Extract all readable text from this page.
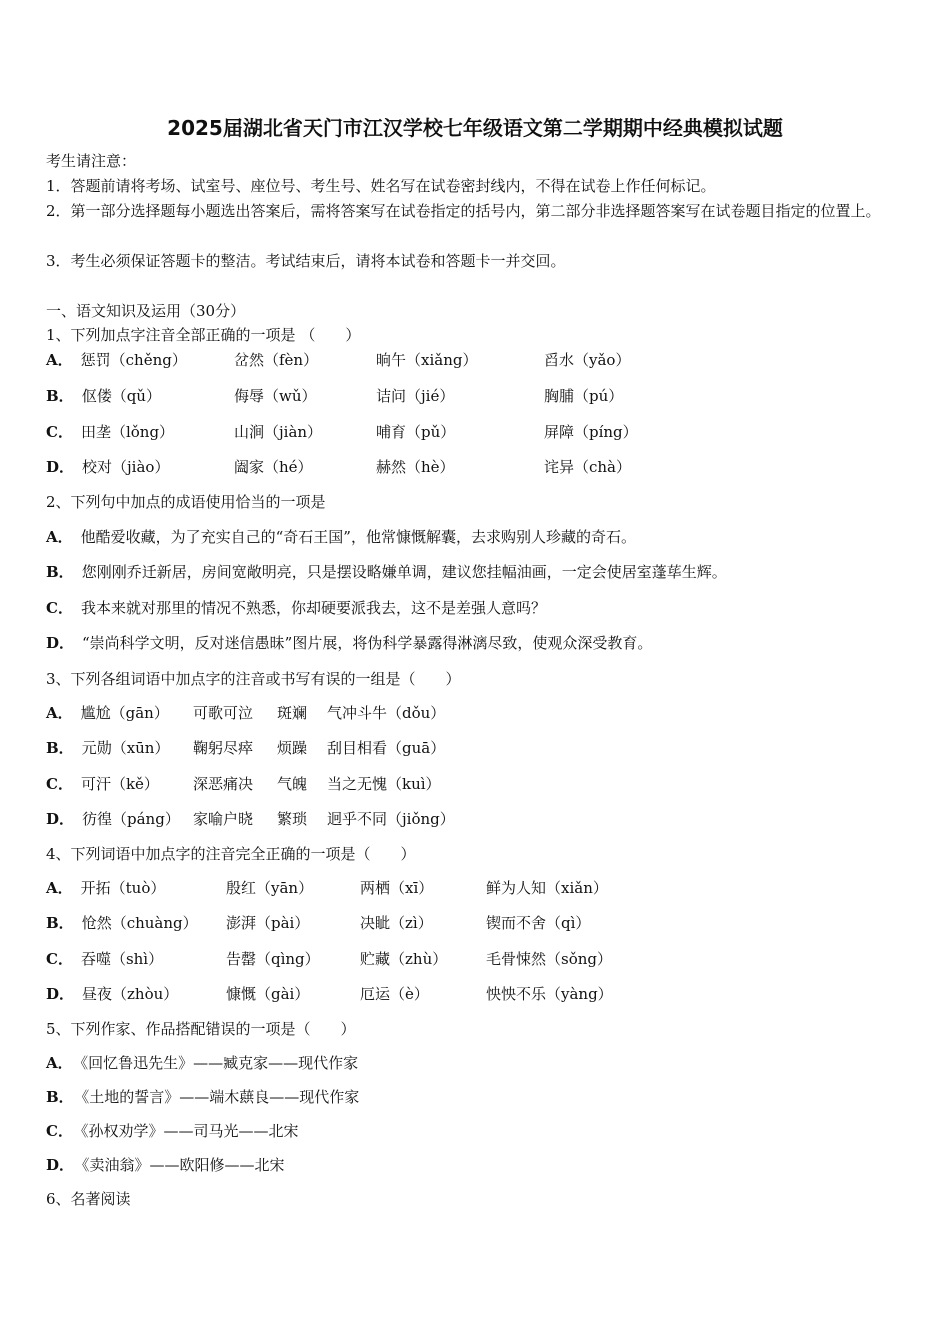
2025届湖北省天门市江汉学校七年级语文第二学期期中经典模拟试题
考生请注意：
1．答题前请将考场、试室号、座位号、考生号、姓名写在试卷密封线内，不得在试卷上作任何标记。
2．第一部分选择题每小题选出答案后，需将答案写在试卷指定的括号内，第二部分非选择题答案写在试卷题目指定的位置上。
3．考生必须保证答题卡的整洁。考试结束后，请将本试卷和答题卡一并交回。
一、语文知识及运用（30分）
1、下列加点字注音全部正确的一项是 （　　）
A． 惩罚（chěng）	岔然（fèn）	晌午（xiǎng）	舀水（yǎo）
B． 伛偻（qǔ）	侮辱（wǔ）	诘问（jié）	胸脯（pú）
C． 田垄（lǒng）	山涧（jiàn）	哺育（pǔ）	屏障（píng）
D． 校对（jiào）	阖家（hé）	赫然（hè）	诧异（chà）
2、下列句中加点的成语使用恰当的一项是
A． 他酷爱收藏，为了充实自己的“奇石王国”，他常慷慨解囊，去求购别人珍藏的奇石。
B． 您刚刚乔迁新居，房间宽敞明亮，只是摆设略嫌单调，建议您挂幅油画，一定会使居室蓬荜生辉。
C． 我本来就对那里的情况不熟悉，你却硬要派我去，这不是差强人意吗？
D． “崇尚科学文明，反对迷信愚昧”图片展，将伪科学暴露得淋漓尽致，使观众深受教育。
3、下列各组词语中加点字的注音或书写有误的一组是（　　）
A． 尴尬（gān） 可歌可泣 斑斓 气冲斗牛（dǒu）
B． 元勋（xūn） 鞠躬尽瘁 烦躁 刮目相看（guā）
C． 可汗（kě） 深恶痛决 气魄 当之无愧（kuì）
D． 彷徨（páng） 家喻户晓 繁琐 迥乎不同（jiǒng）
4、下列词语中加点字的注音完全正确的一项是（　　）
A． 开拓（tuò）	殷红（yān）	两栖（xī）	鲜为人知（xiǎn）
B． 怆然（chuàng） 澎湃（pài）	决眦（zì）	锲而不舍（qì）
C． 吞噬（shì）	告罄（qìng）	贮藏（zhù）	毛骨悚然（sǒng）
D． 昼夜（zhòu）	慷慨（gài）	厄运（è）	怏怏不乐（yàng）
5、下列作家、作品搭配错误的一项是（　　）
A． 《回忆鲁迅先生》——臧克家——现代作家
B． 《土地的誓言》——端木蕻良——现代作家
C． 《孙权劝学》——司马光——北宋
D． 《卖油翁》——欧阳修——北宋
6、名著阅读
